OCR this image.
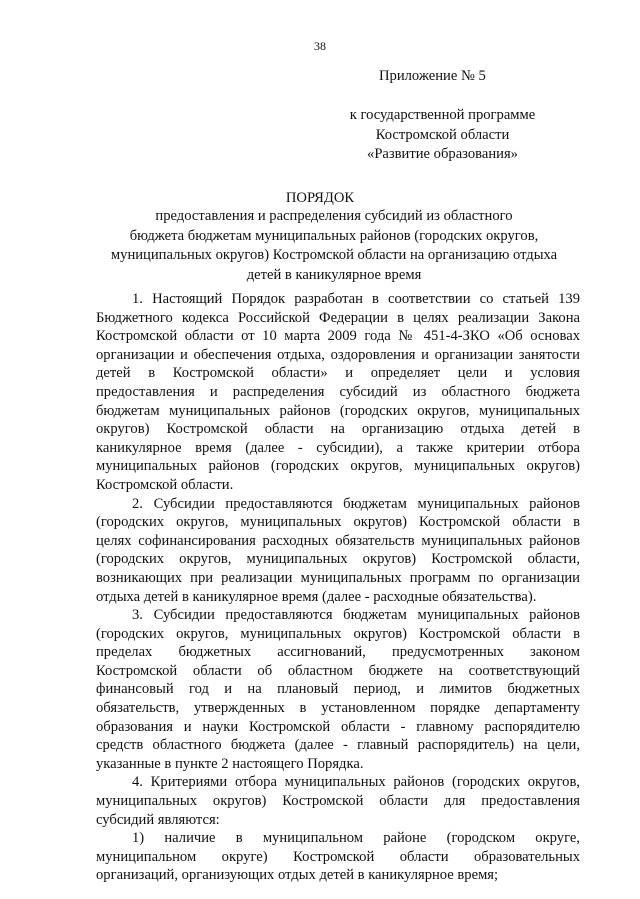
38
Приложение № 5
к государственной программе
Костромской области
«Развитие образования»
ПОРЯДОК
предоставления и распределения субсидий из областного
бюджета бюджетам муниципальных районов (городских округов,
муниципальных округов) Костромской области на организацию отдыха
детей в каникулярное время
1. Настоящий Порядок разработан в соответствии со статьей 139
Бюджетного кодекса Российской Федерации в целях реализации Закона
Костромской области от 10 марта 2009 года № 451-4-ЗКО «Об основах
организации и обеспечения отдыха, оздоровления и организации занятости
детей в Костромской области» и определяет цели и условия
предоставления и распределения субсидий из областного бюджета
бюджетам муниципальных районов (городских округов, муниципальных
округов) Костромской области на организацию отдыха детей в
каникулярное время (далее - субсидии), а также критерии отбора
муниципальных районов (городских округов, муниципальных округов)
Костромской области.
2. Субсидии предоставляются бюджетам муниципальных районов
(городских округов, муниципальных округов) Костромской области в
целях софинансирования расходных обязательств муниципальных районов
(городских округов, муниципальных округов) Костромской области,
возникающих при реализации муниципальных программ по организации
отдыха детей в каникулярное время (далее - расходные обязательства).
3. Субсидии предоставляются бюджетам муниципальных районов
(городских округов, муниципальных округов) Костромской области в
пределах бюджетных ассигнований, предусмотренных законом
Костромской области об областном бюджете на соответствующий
финансовый год и на плановый период, и лимитов бюджетных
обязательств, утвержденных в установленном порядке департаменту
образования и науки Костромской области - главному распорядителю
средств областного бюджета (далее - главный распорядитель) на цели,
указанные в пункте 2 настоящего Порядка.
4. Критериями отбора муниципальных районов (городских округов,
муниципальных округов) Костромской области для предоставления
субсидий являются:
1) наличие в муниципальном районе (городском округе,
муниципальном округе) Костромской области образовательных
организаций, организующих отдых детей в каникулярное время;
